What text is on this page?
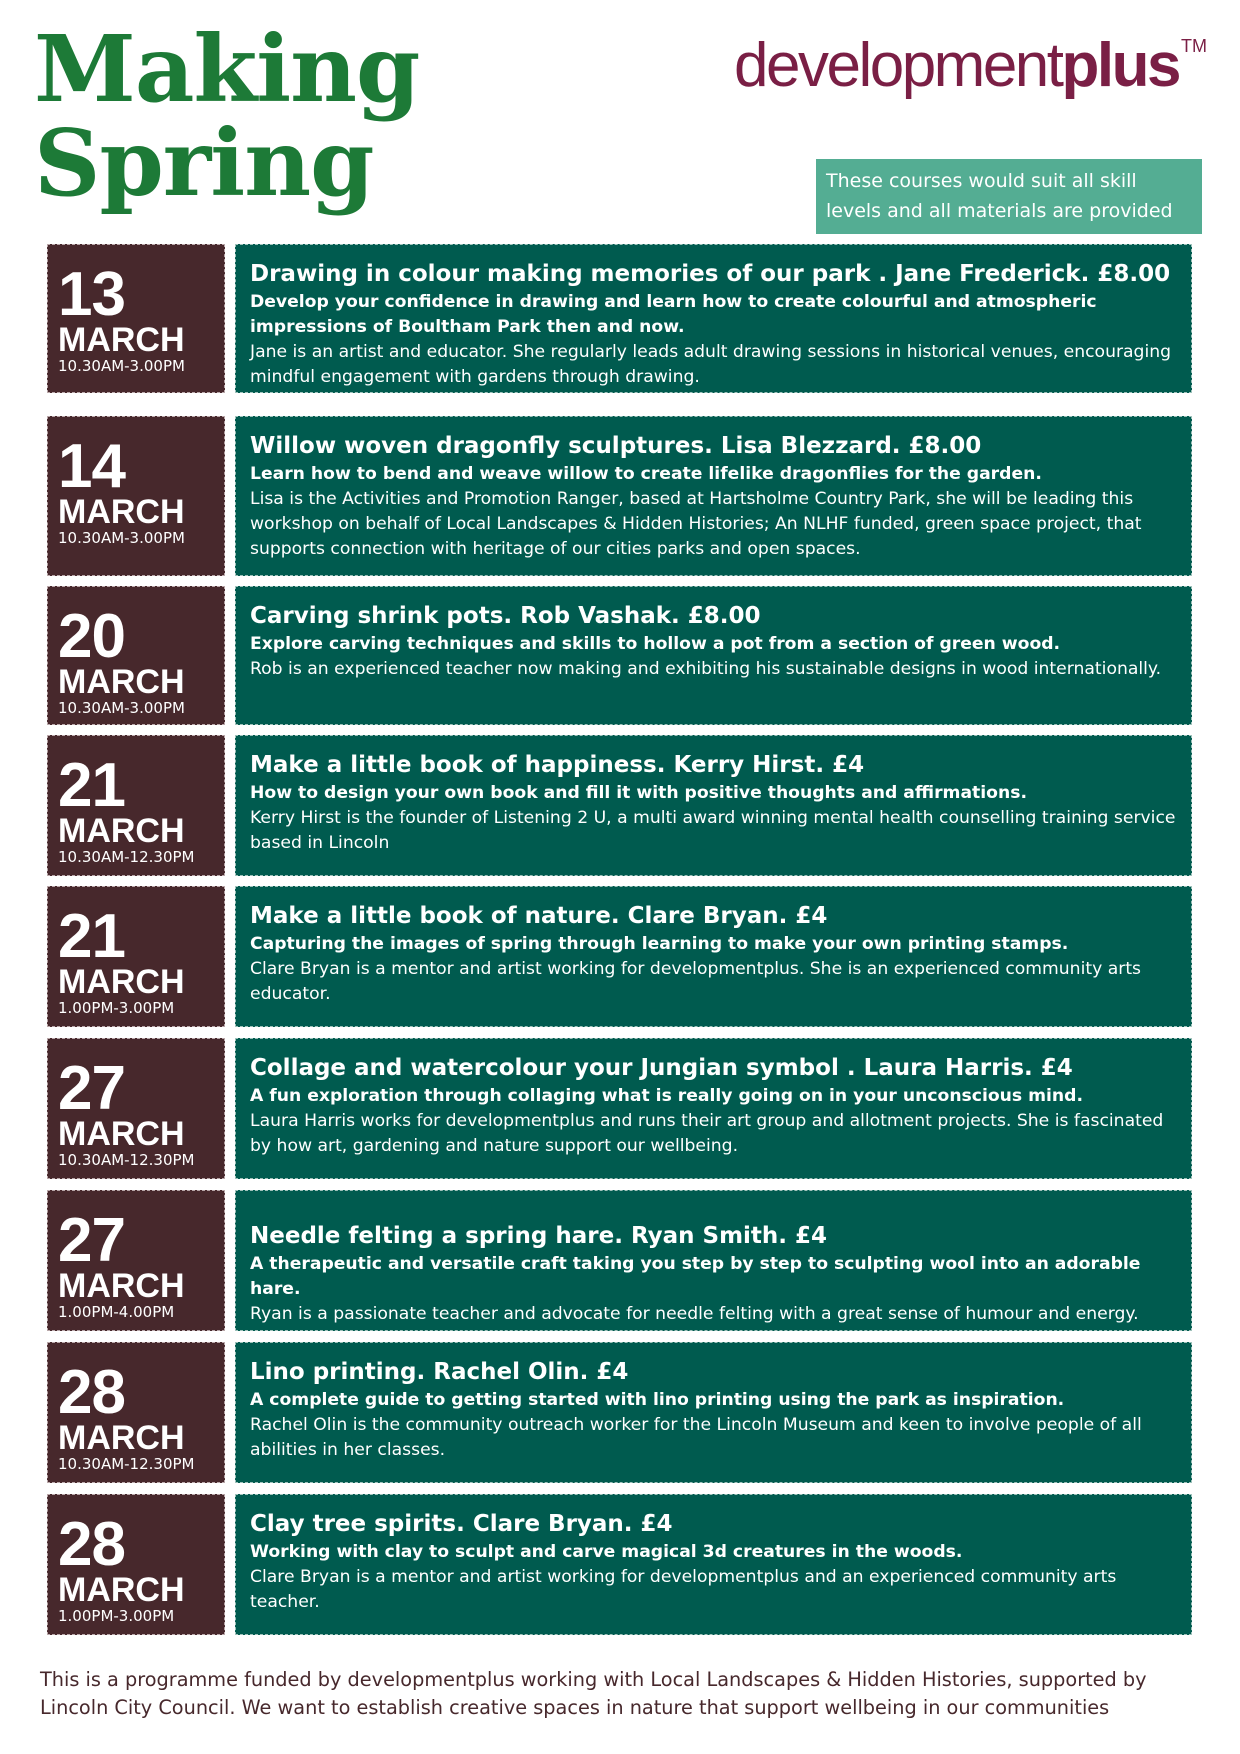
Making
Spring
developmentplus ™
These courses would suit all skill levels and all materials are provided
13
MARCH
10.30AM-3.00PM
Drawing in colour making memories of our park . Jane Frederick. £8.00
Develop your confidence in drawing and learn how to create colourful and atmospheric impressions of Boultham Park then and now.
Jane is an artist and educator. She regularly leads adult drawing sessions in historical venues, encouraging mindful engagement with gardens through drawing.
14
MARCH
10.30AM-3.00PM
Willow woven dragonfly sculptures. Lisa Blezzard. £8.00
Learn how to bend and weave willow to create lifelike dragonflies for the garden.
Lisa is the Activities and Promotion Ranger, based at Hartsholme Country Park, she will be leading this workshop on behalf of Local Landscapes & Hidden Histories; An NLHF funded, green space project, that supports connection with heritage of our cities parks and open spaces.
20
MARCH
10.30AM-3.00PM
Carving shrink pots. Rob Vashak. £8.00
Explore carving techniques and skills to hollow a pot from a section of green wood.
Rob is an experienced teacher now making and exhibiting his sustainable designs in wood internationally.
21
MARCH
10.30AM-12.30PM
Make a little book of happiness. Kerry Hirst. £4
How to design your own book and fill it with positive thoughts and affirmations.
Kerry Hirst is the founder of Listening 2 U, a multi award winning mental health counselling training service based in Lincoln
21
MARCH
1.00PM-3.00PM
Make a little book of nature. Clare Bryan. £4
Capturing the images of spring through learning to make your own printing stamps.
Clare Bryan is a mentor and artist working for developmentplus. She is an experienced community arts educator.
27
MARCH
10.30AM-12.30PM
Collage and watercolour your Jungian symbol . Laura Harris. £4
A fun exploration through collaging what is really going on in your unconscious mind.
Laura Harris works for developmentplus and runs their art group and allotment projects. She is fascinated by how art, gardening and nature support our wellbeing.
27
MARCH
1.00PM-4.00PM
Needle felting a spring hare. Ryan Smith. £4
A therapeutic and versatile craft taking you step by step to sculpting wool into an adorable hare.
Ryan is a passionate teacher and advocate for needle felting with a great sense of humour and energy.
28
MARCH
10.30AM-12.30PM
Lino printing. Rachel Olin. £4
A complete guide to getting started with lino printing using the park as inspiration.
Rachel Olin is the community outreach worker for the Lincoln Museum and keen to involve people of all abilities in her classes.
28
MARCH
1.00PM-3.00PM
Clay tree spirits. Clare Bryan. £4
Working with clay to sculpt and carve magical 3d creatures in the woods.
Clare Bryan is a mentor and artist working for developmentplus and an experienced community arts teacher.
This is a programme funded by developmentplus working with Local Landscapes & Hidden Histories, supported by Lincoln City Council. We want to establish creative spaces in nature that support wellbeing in our communities
